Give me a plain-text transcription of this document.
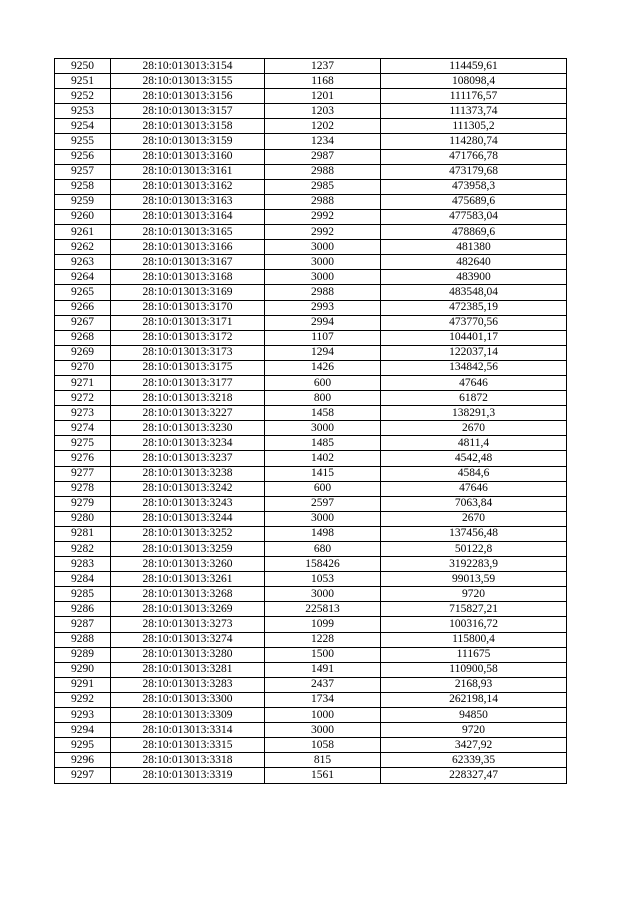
9250	28:10:013013:3154	1237	114459,61
9251	28:10:013013:3155	1168	108098,4
9252	28:10:013013:3156	1201	111176,57
9253	28:10:013013:3157	1203	111373,74
9254	28:10:013013:3158	1202	111305,2
9255	28:10:013013:3159	1234	114280,74
9256	28:10:013013:3160	2987	471766,78
9257	28:10:013013:3161	2988	473179,68
9258	28:10:013013:3162	2985	473958,3
9259	28:10:013013:3163	2988	475689,6
9260	28:10:013013:3164	2992	477583,04
9261	28:10:013013:3165	2992	478869,6
9262	28:10:013013:3166	3000	481380
9263	28:10:013013:3167	3000	482640
9264	28:10:013013:3168	3000	483900
9265	28:10:013013:3169	2988	483548,04
9266	28:10:013013:3170	2993	472385,19
9267	28:10:013013:3171	2994	473770,56
9268	28:10:013013:3172	1107	104401,17
9269	28:10:013013:3173	1294	122037,14
9270	28:10:013013:3175	1426	134842,56
9271	28:10:013013:3177	600	47646
9272	28:10:013013:3218	800	61872
9273	28:10:013013:3227	1458	138291,3
9274	28:10:013013:3230	3000	2670
9275	28:10:013013:3234	1485	4811,4
9276	28:10:013013:3237	1402	4542,48
9277	28:10:013013:3238	1415	4584,6
9278	28:10:013013:3242	600	47646
9279	28:10:013013:3243	2597	7063,84
9280	28:10:013013:3244	3000	2670
9281	28:10:013013:3252	1498	137456,48
9282	28:10:013013:3259	680	50122,8
9283	28:10:013013:3260	158426	3192283,9
9284	28:10:013013:3261	1053	99013,59
9285	28:10:013013:3268	3000	9720
9286	28:10:013013:3269	225813	715827,21
9287	28:10:013013:3273	1099	100316,72
9288	28:10:013013:3274	1228	115800,4
9289	28:10:013013:3280	1500	111675
9290	28:10:013013:3281	1491	110900,58
9291	28:10:013013:3283	2437	2168,93
9292	28:10:013013:3300	1734	262198,14
9293	28:10:013013:3309	1000	94850
9294	28:10:013013:3314	3000	9720
9295	28:10:013013:3315	1058	3427,92
9296	28:10:013013:3318	815	62339,35
9297	28:10:013013:3319	1561	228327,47
